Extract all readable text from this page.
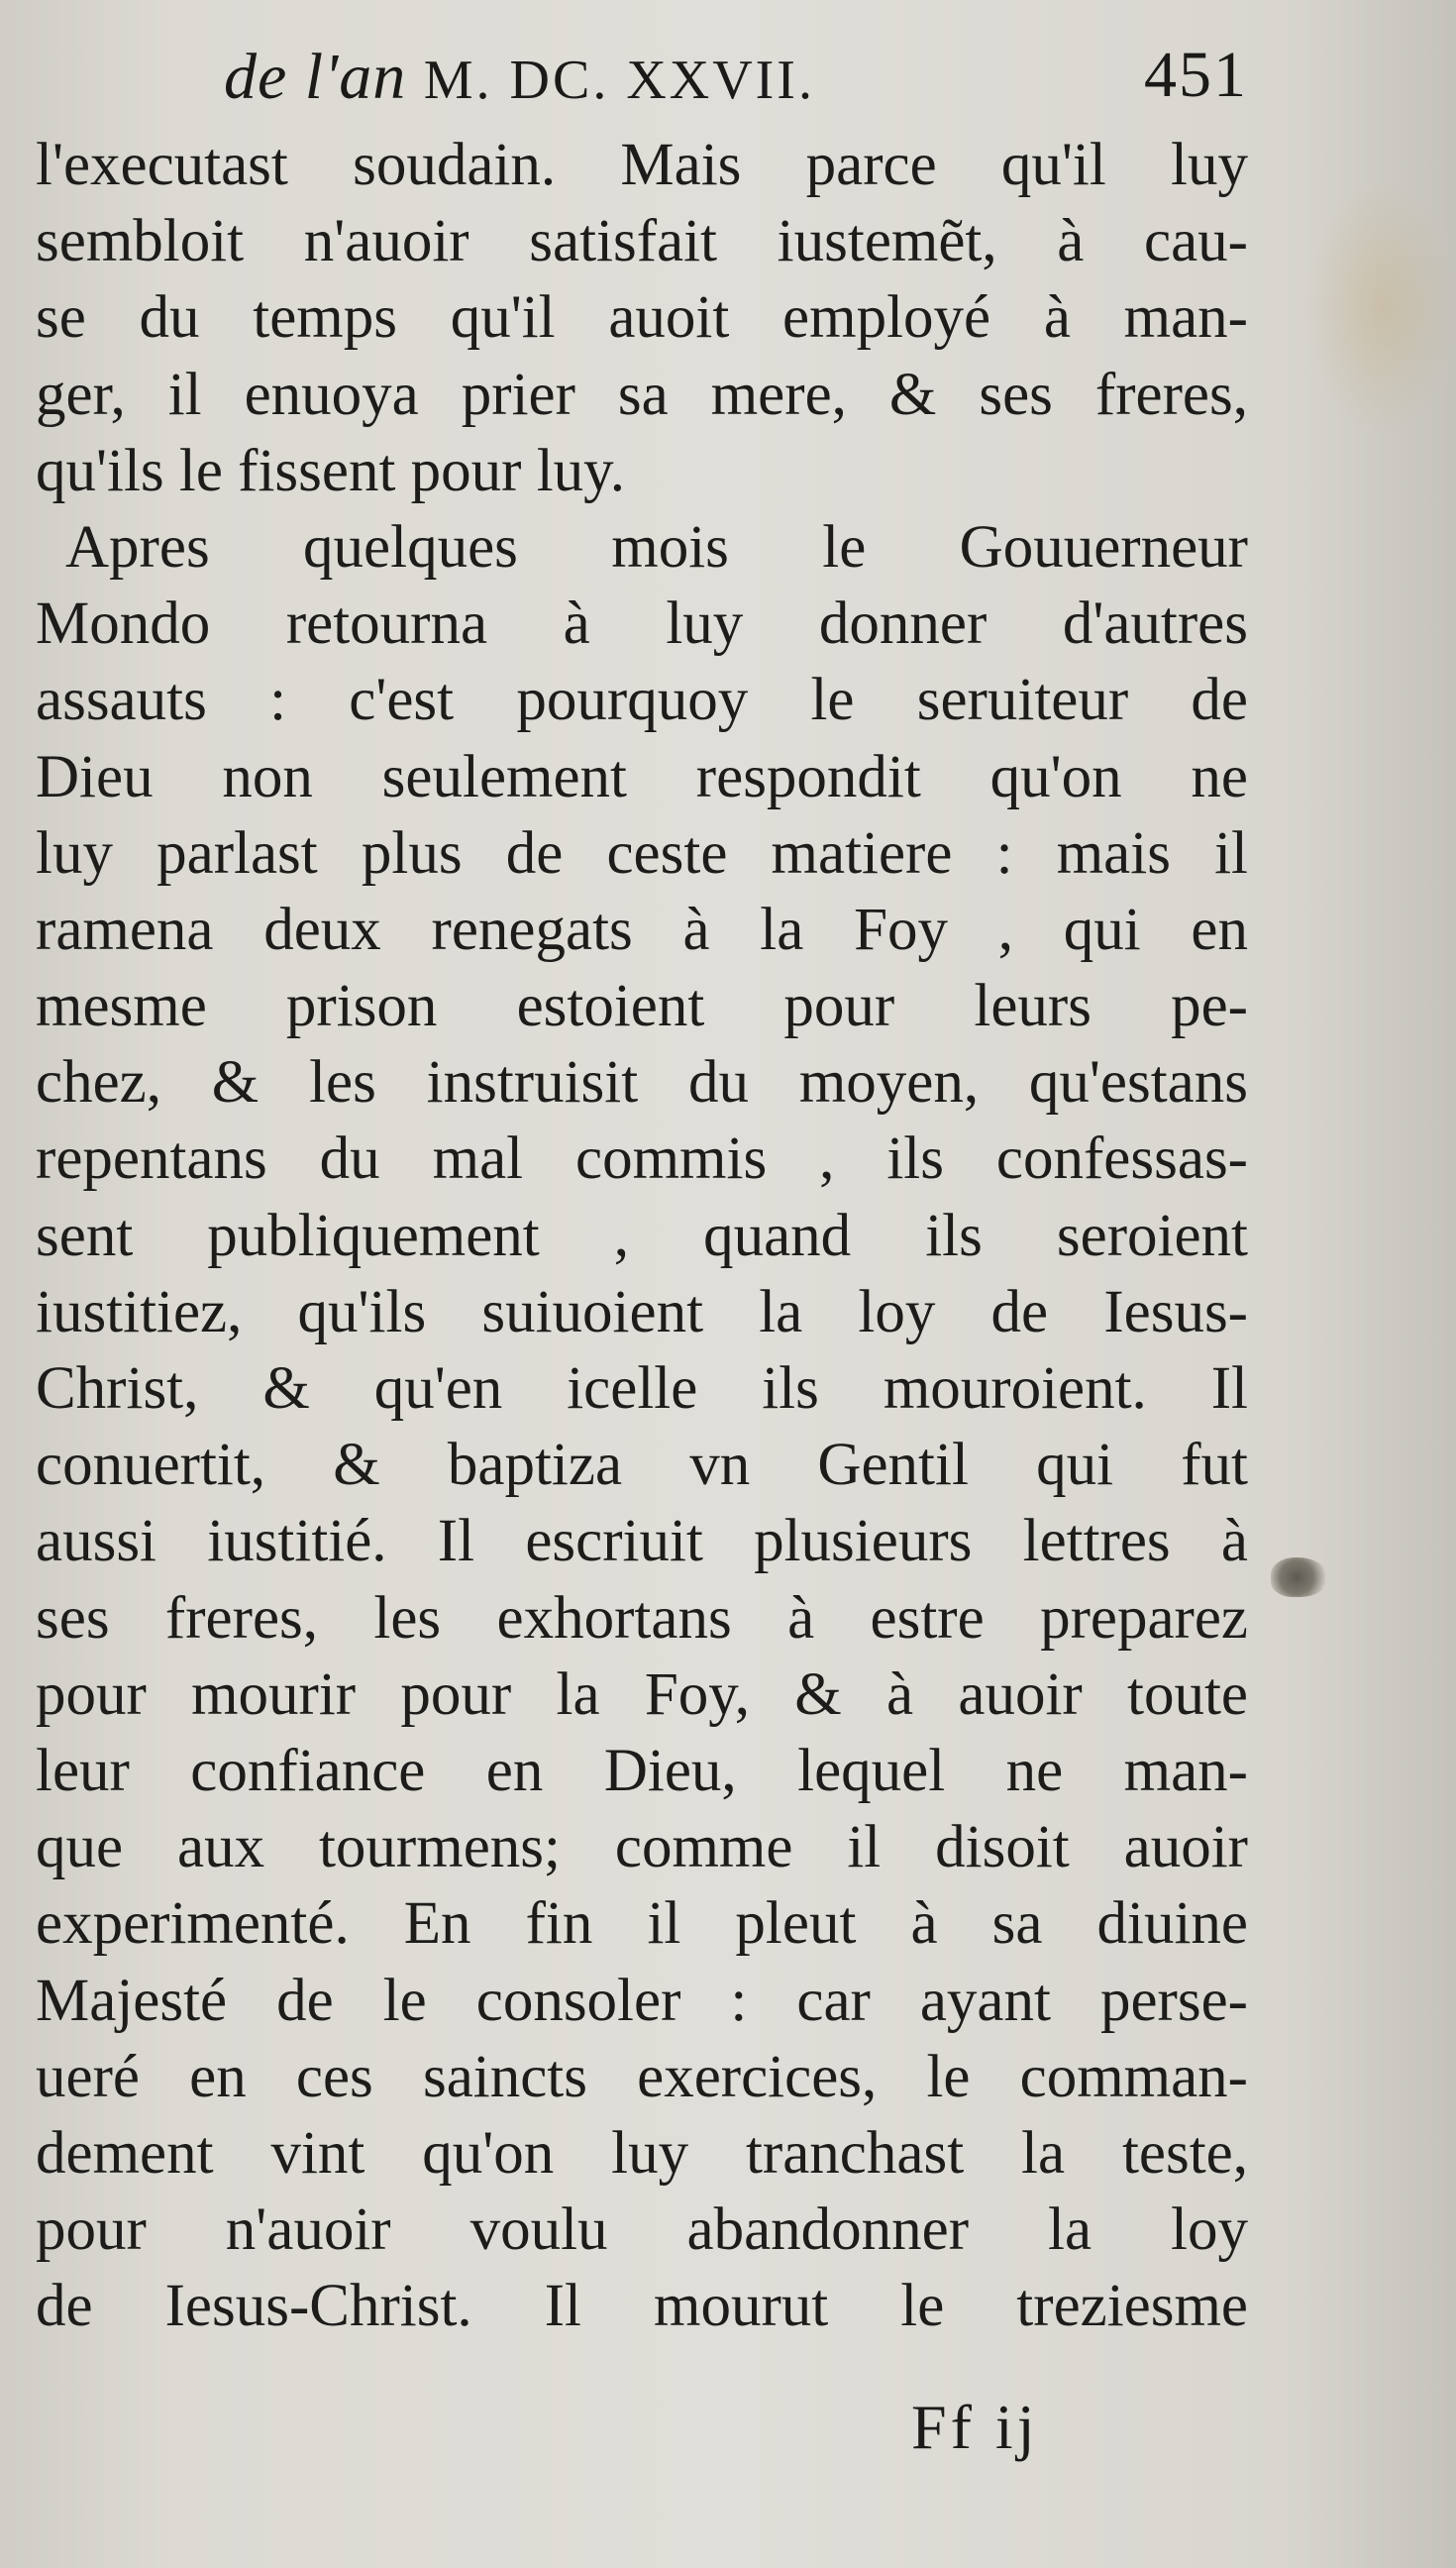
de l'an M. DC. XXVII.	451
l'executast soudain. Mais parce qu'il luy
sembloit n'auoir satisfait iustemẽt, à cau-
se du temps qu'il auoit employé à man-
ger, il enuoya prier sa mere, & ses freres,
qu'ils le fissent pour luy.
Apres quelques mois le Gouuerneur
Mondo retourna à luy donner d'autres
assauts : c'est pourquoy le seruiteur de
Dieu non seulement respondit qu'on ne
luy parlast plus de ceste matiere : mais il
ramena deux renegats à la Foy , qui en
mesme prison estoient pour leurs pe-
chez, & les instruisit du moyen, qu'estans
repentans du mal commis , ils confessas-
sent publiquement , quand ils seroient
iustitiez, qu'ils suiuoient la loy de Iesus-
Christ, & qu'en icelle ils mouroient. Il
conuertit, & baptiza vn Gentil qui fut
aussi iustitié. Il escriuit plusieurs lettres à
ses freres, les exhortans à estre preparez
pour mourir pour la Foy, & à auoir toute
leur confiance en Dieu, lequel ne man-
que aux tourmens; comme il disoit auoir
experimenté. En fin il pleut à sa diuine
Majesté de le consoler : car ayant perse-
ueré en ces saincts exercices, le comman-
dement vint qu'on luy tranchast la teste,
pour n'auoir voulu abandonner la loy
de Iesus-Christ. Il mourut le treziesme
Ff ij
